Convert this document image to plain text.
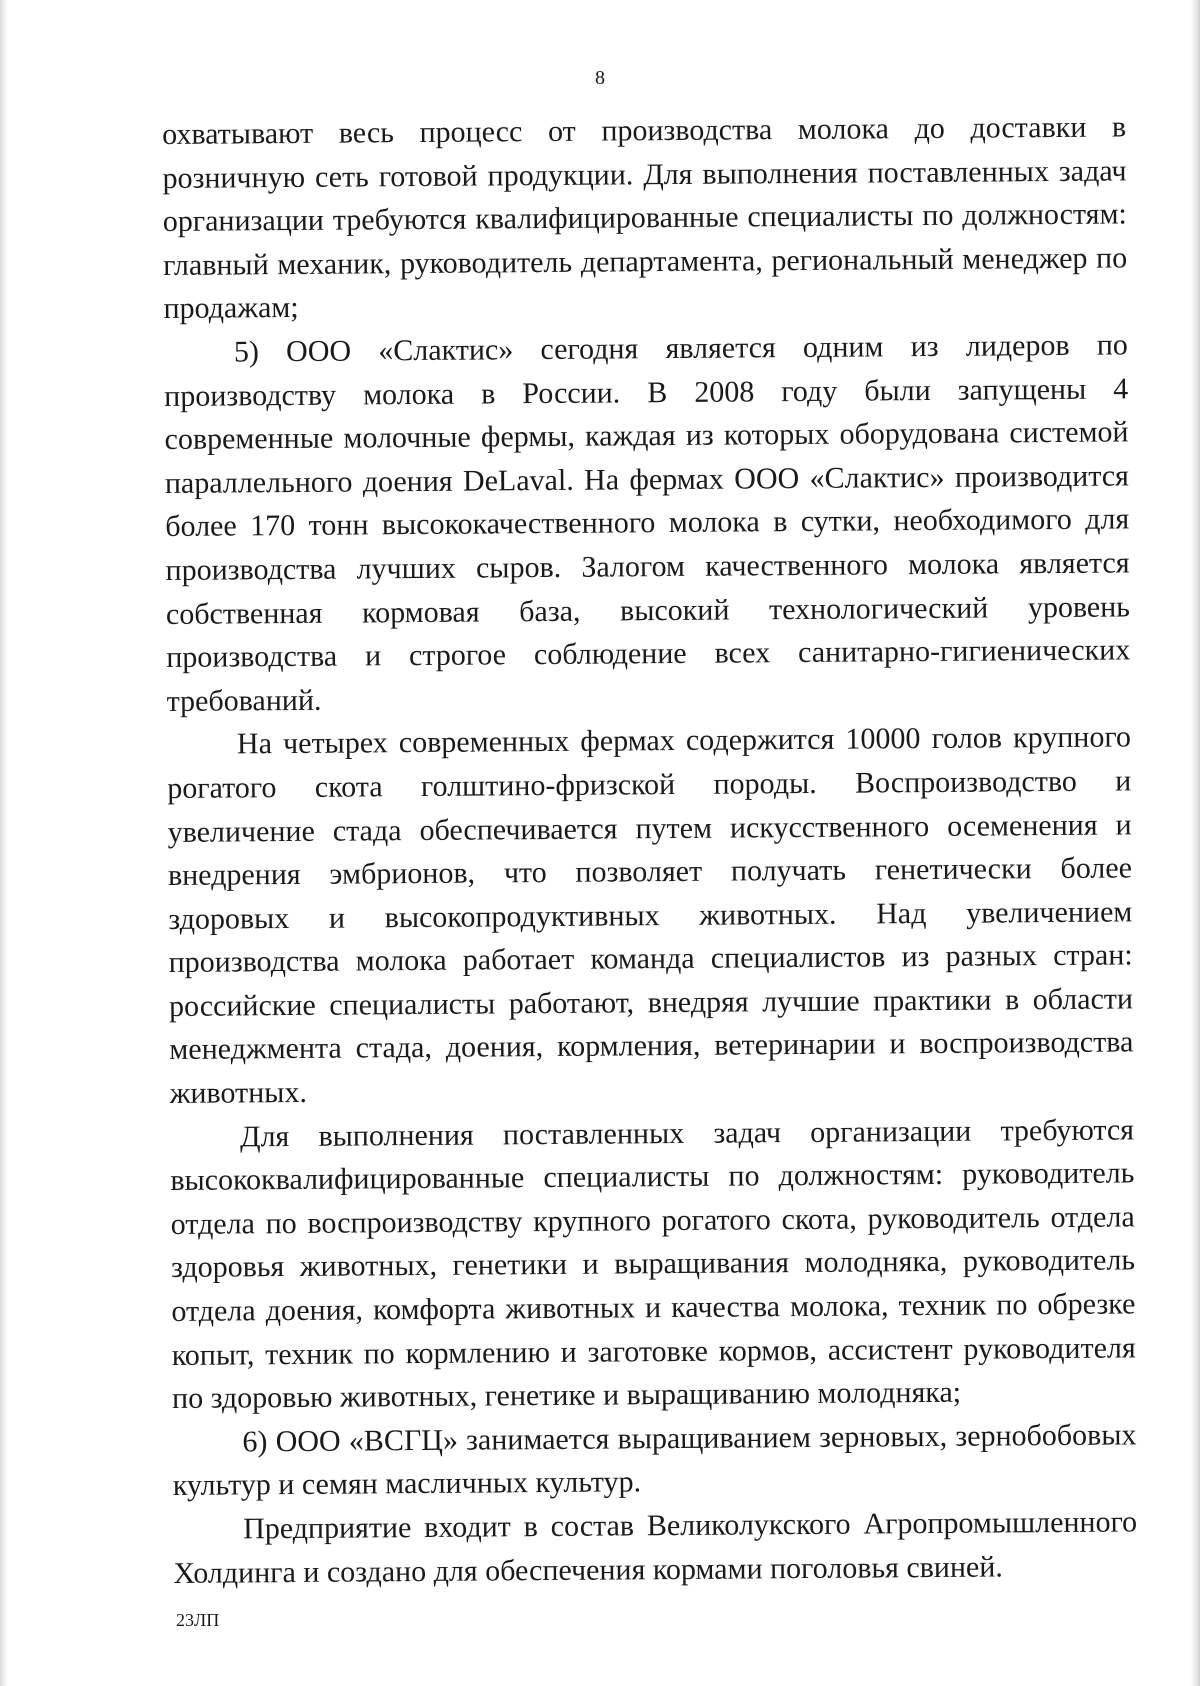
8

охватывают весь процесс от производства молока до доставки в розничную сеть готовой продукции. Для выполнения поставленных задач организации требуются квалифицированные специалисты по должностям: главный механик, руководитель департамента, региональный менеджер по продажам;

5) ООО «Слактис» сегодня является одним из лидеров по производству молока в России. В 2008 году были запущены 4 современные молочные фермы, каждая из которых оборудована системой параллельного доения DeLaval. На фермах ООО «Слактис» производится более 170 тонн высококачественного молока в сутки, необходимого для производства лучших сыров. Залогом качественного молока является собственная кормовая база, высокий технологический уровень производства и строгое соблюдение всех санитарно-гигиенических требований.

На четырех современных фермах содержится 10000 голов крупного рогатого скота голштино-фризской породы. Воспроизводство и увеличение стада обеспечивается путем искусственного осеменения и внедрения эмбрионов, что позволяет получать генетически более здоровых и высокопродуктивных животных. Над увеличением производства молока работает команда специалистов из разных стран: российские специалисты работают, внедряя лучшие практики в области менеджмента стада, доения, кормления, ветеринарии и воспроизводства животных.

Для выполнения поставленных задач организации требуются высококвалифицированные специалисты по должностям: руководитель отдела по воспроизводству крупного рогатого скота, руководитель отдела здоровья животных, генетики и выращивания молодняка, руководитель отдела доения, комфорта животных и качества молока, техник по обрезке копыт, техник по кормлению и заготовке кормов, ассистент руководителя по здоровью животных, генетике и выращиванию молодняка;

6) ООО «ВСГЦ» занимается выращиванием зерновых, зернобобовых культур и семян масличных культур.

Предприятие входит в состав Великолукского Агропромышленного Холдинга и создано для обеспечения кормами поголовья свиней.

23ЛП
